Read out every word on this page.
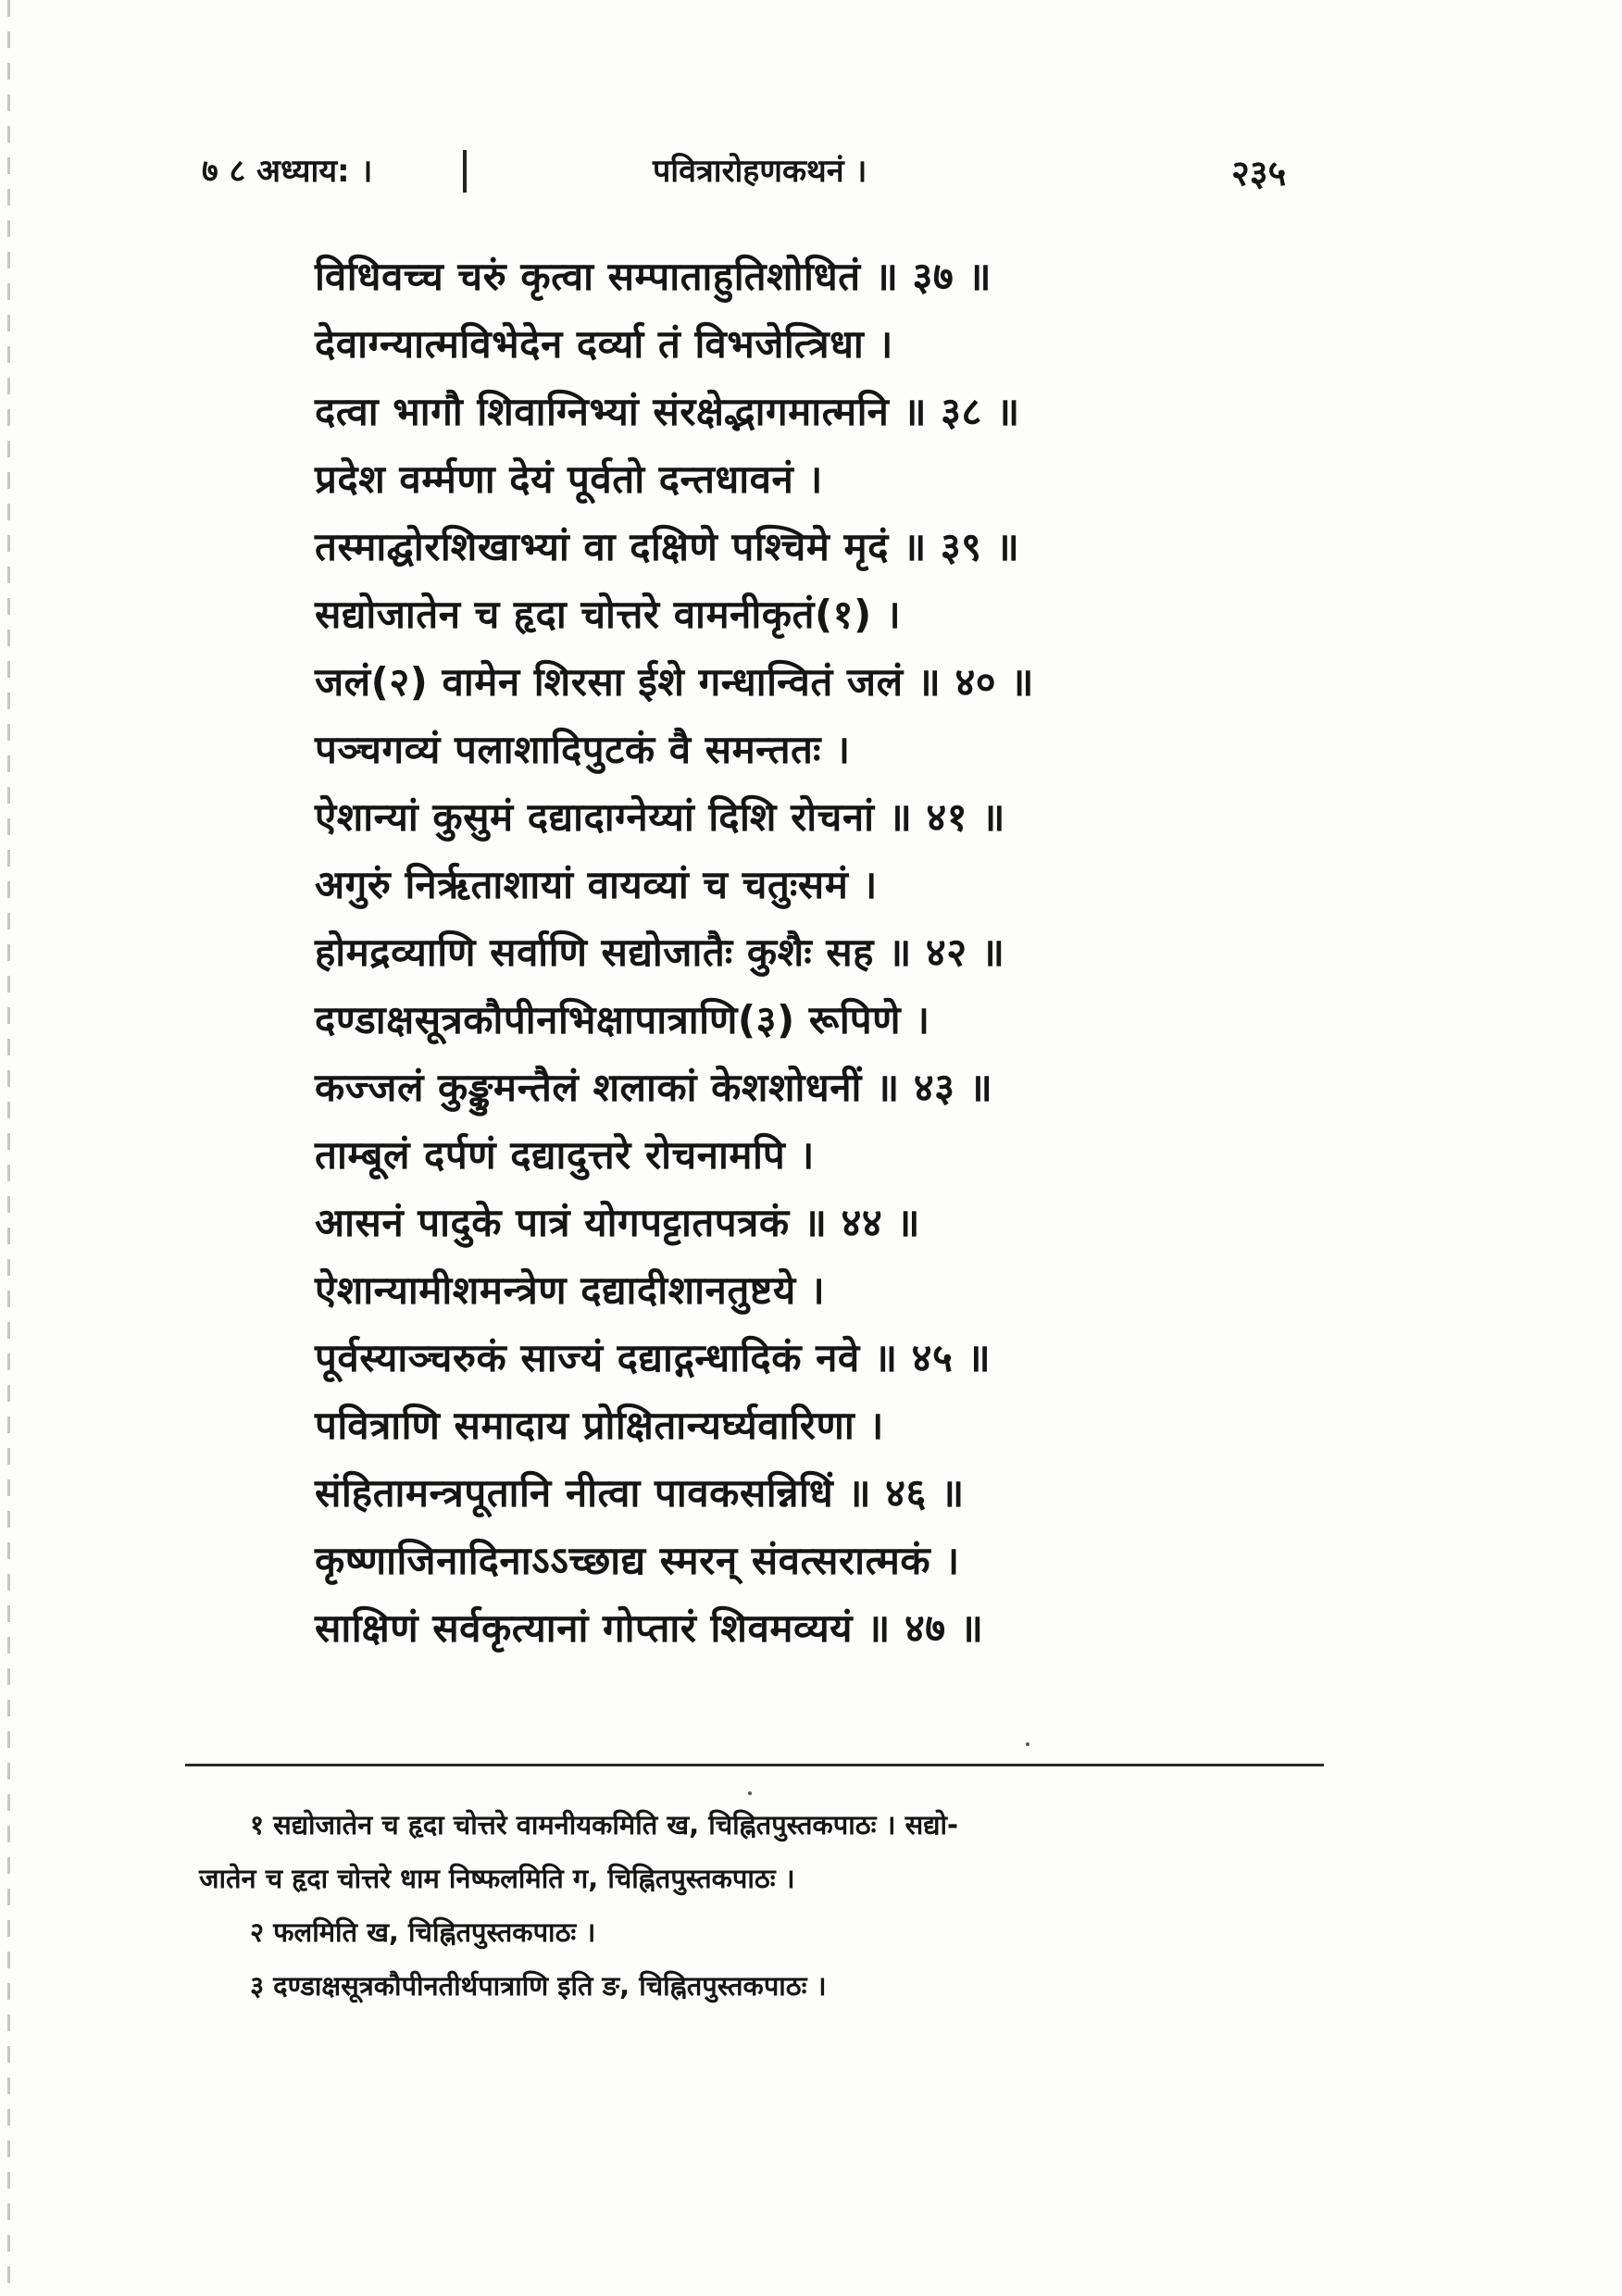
७ ८ अध्याय: ।	पवित्रारोहणकथनं ।	२३५
विधिवच्च चरुं कृत्वा सम्पाताहुतिशोधितं ॥ ३७ ॥
देवाग्न्यात्मविभेदेन दर्व्या तं विभजेत्त्रिधा ।
दत्वा भागौ शिवाग्निभ्यां संरक्षेद्भागमात्मनि ॥ ३८ ॥
प्रदेश वर्म्मणा देयं पूर्वतो दन्तधावनं ।
तस्माद्घोरशिखाभ्यां वा दक्षिणे पश्चिमे मृदं ॥ ३९ ॥
सद्योजातेन च हृदा चोत्तरे वामनीकृतं(१) ।
जलं(२) वामेन शिरसा ईशे गन्धान्वितं जलं ॥ ४० ॥
पञ्चगव्यं पलाशादिपुटकं वै समन्ततः ।
ऐशान्यां कुसुमं दद्यादाग्नेय्यां दिशि रोचनां ॥ ४१ ॥
अगुरुं निर्ऋताशायां वायव्यां च चतुःसमं ।
होमद्रव्याणि सर्वाणि सद्योजातैः कुशैः सह ॥ ४२ ॥
दण्डाक्षसूत्रकौपीनभिक्षापात्राणि(३) रूपिणे ।
कज्जलं कुङ्कुमन्तैलं शलाकां केशशोधनीं ॥ ४३ ॥
ताम्बूलं दर्पणं दद्यादुत्तरे रोचनामपि ।
आसनं पादुके पात्रं योगपट्टातपत्रकं ॥ ४४ ॥
ऐशान्यामीशमन्त्रेण दद्यादीशानतुष्टये ।
पूर्वस्याञ्चरुकं साज्यं दद्याद्गन्धादिकं नवे ॥ ४५ ॥
पवित्राणि समादाय प्रोक्षितान्यर्घ्यवारिणा ।
संहितामन्त्रपूतानि नीत्वा पावकसन्निधिं ॥ ४६ ॥
कृष्णाजिनादिनाऽऽच्छाद्य स्मरन् संवत्सरात्मकं ।
साक्षिणं सर्वकृत्यानां गोप्तारं शिवमव्ययं ॥ ४७ ॥
१ सद्योजातेन च हृदा चोत्तरे वामनीयकमिति ख, चिह्नितपुस्तकपाठः । सद्यो-
जातेन च हृदा चोत्तरे धाम निष्फलमिति ग, चिह्नितपुस्तकपाठः ।
२ फलमिति ख, चिह्नितपुस्तकपाठः ।
३ दण्डाक्षसूत्रकौपीनतीर्थपात्राणि इति ङ, चिह्नितपुस्तकपाठः ।
